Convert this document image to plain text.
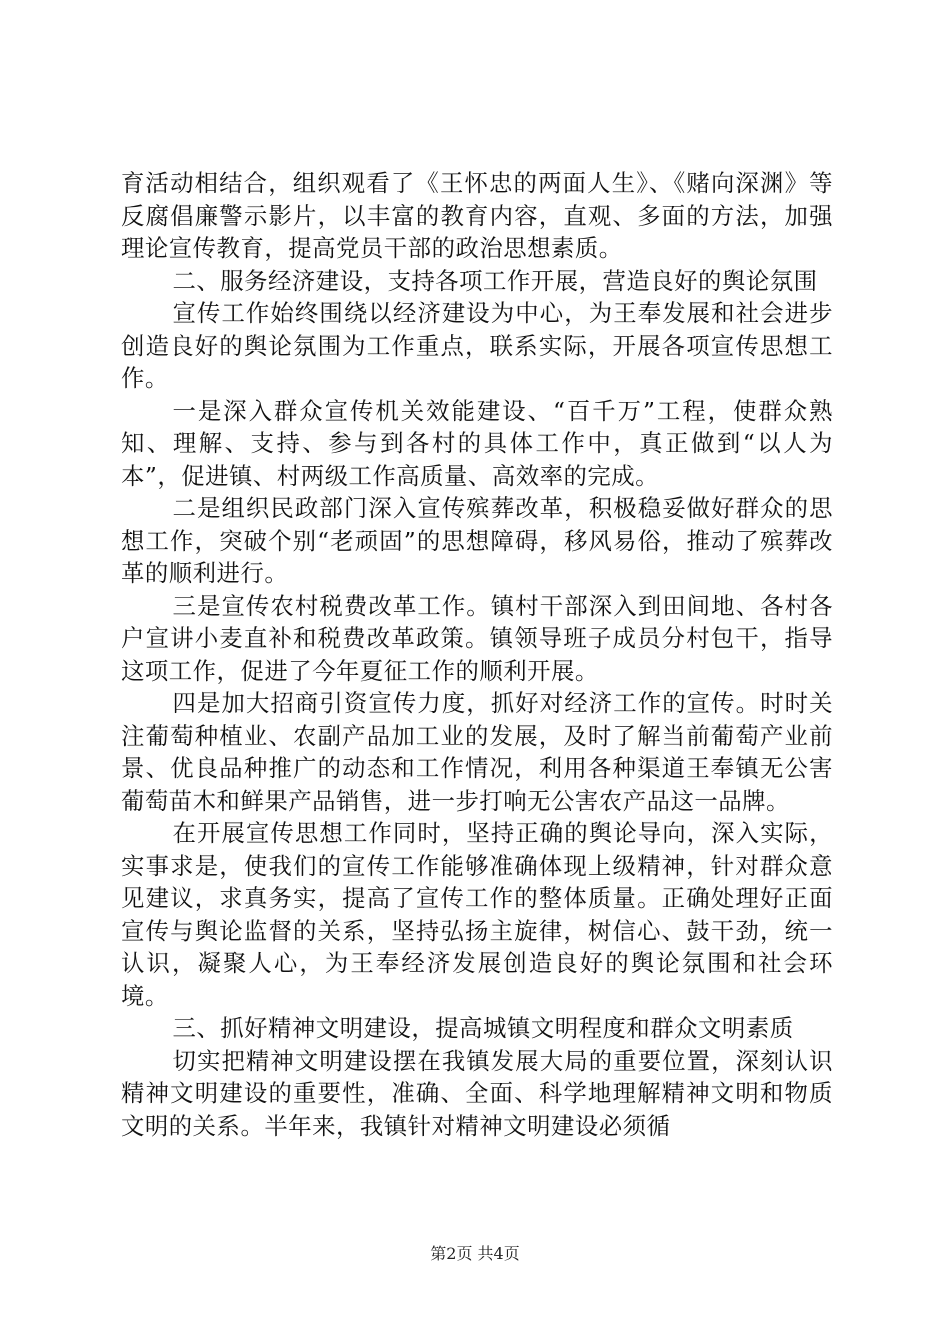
育活动相结合，组织观看了《王怀忠的两面人生》、《赌向深渊》等反腐倡廉警示影片，以丰富的教育内容，直观、多面的方法，加强理论宣传教育，提高党员干部的政治思想素质。

二、服务经济建设，支持各项工作开展，营造良好的舆论氛围

宣传工作始终围绕以经济建设为中心，为王奉发展和社会进步创造良好的舆论氛围为工作重点，联系实际，开展各项宣传思想工作。

一是深入群众宣传机关效能建设、“百千万”工程，使群众熟知、理解、支持、参与到各村的具体工作中，真正做到“以人为本”，促进镇、村两级工作高质量、高效率的完成。

二是组织民政部门深入宣传殡葬改革，积极稳妥做好群众的思想工作，突破个别“老顽固”的思想障碍，移风易俗，推动了殡葬改革的顺利进行。

三是宣传农村税费改革工作。镇村干部深入到田间地、各村各户宣讲小麦直补和税费改革政策。镇领导班子成员分村包干，指导这项工作，促进了今年夏征工作的顺利开展。

四是加大招商引资宣传力度，抓好对经济工作的宣传。时时关注葡萄种植业、农副产品加工业的发展，及时了解当前葡萄产业前景、优良品种推广的动态和工作情况，利用各种渠道王奉镇无公害葡萄苗木和鲜果产品销售，进一步打响无公害农产品这一品牌。

在开展宣传思想工作同时，坚持正确的舆论导向，深入实际，实事求是，使我们的宣传工作能够准确体现上级精神，针对群众意见建议，求真务实，提高了宣传工作的整体质量。正确处理好正面宣传与舆论监督的关系，坚持弘扬主旋律，树信心、鼓干劲，统一认识，凝聚人心，为王奉经济发展创造良好的舆论氛围和社会环境。

三、抓好精神文明建设，提高城镇文明程度和群众文明素质

切实把精神文明建设摆在我镇发展大局的重要位置，深刻认识精神文明建设的重要性，准确、全面、科学地理解精神文明和物质文明的关系。半年来，我镇针对精神文明建设必须循

第2页 共4页
